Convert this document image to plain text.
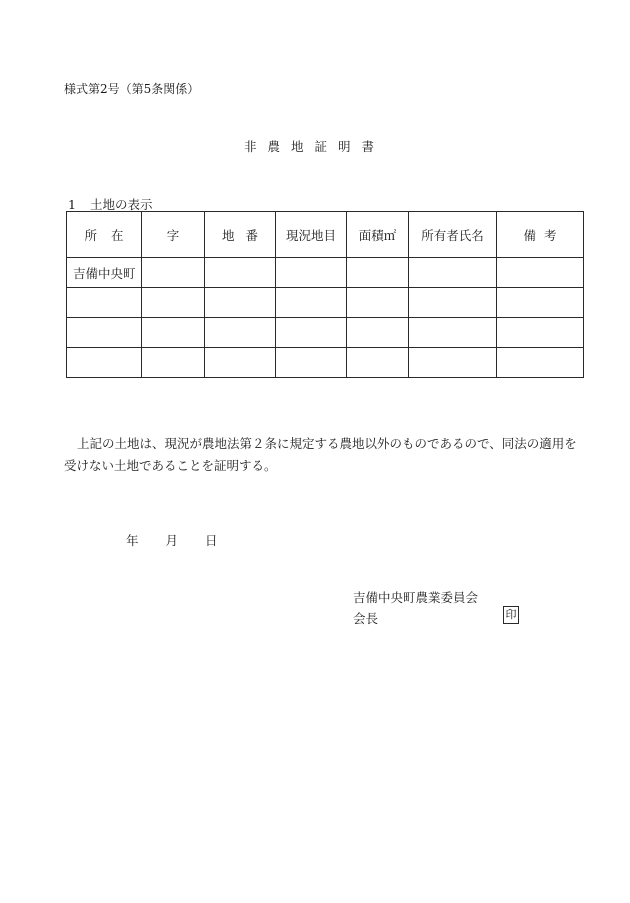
様式第2号（第5条関係）
非農地証明書
1 土地の表示
所在	字	地番	現況地目	面積㎡	所有者氏名	備考
吉備中央町						

上記の土地は、現況が農地法第２条に規定する農地以外のものであるので、同法の適用を受けない土地であることを証明する。
年 月 日
吉備中央町農業委員会
会長	印
